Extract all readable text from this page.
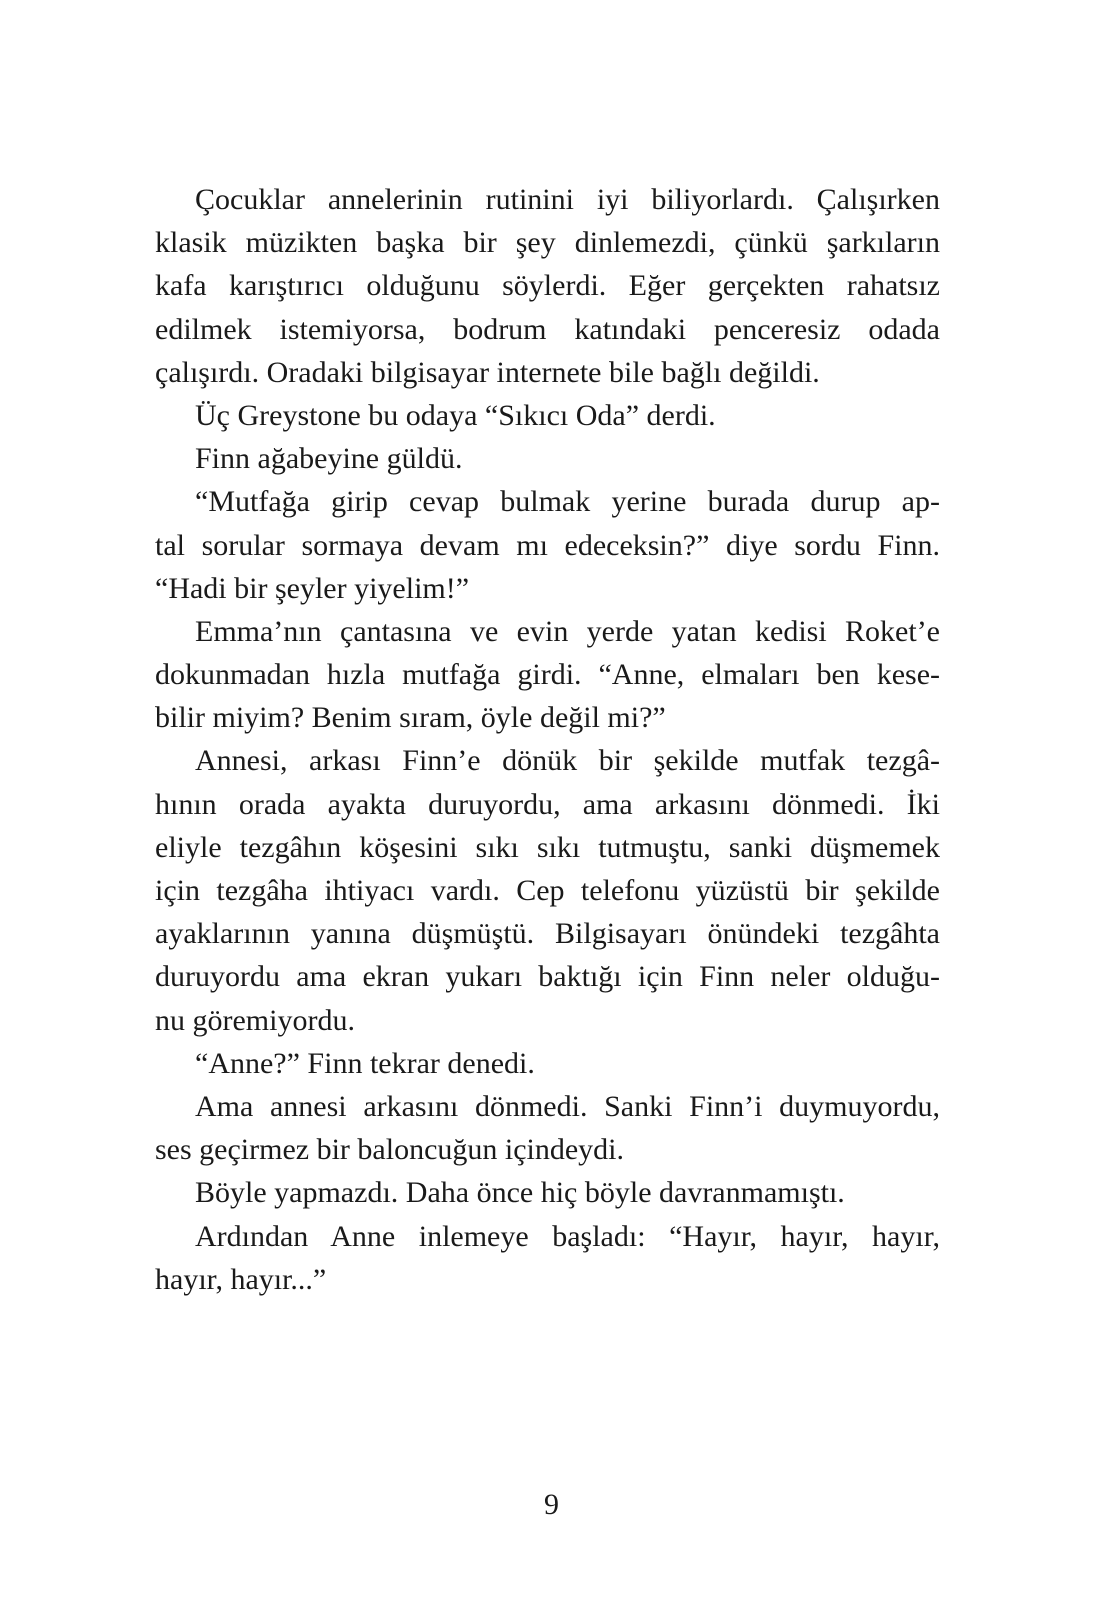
Çocuklar annelerinin rutinini iyi biliyorlardı. Çalışırken
klasik müzikten başka bir şey dinlemezdi, çünkü şarkıların
kafa karıştırıcı olduğunu söylerdi. Eğer gerçekten rahatsız
edilmek istemiyorsa, bodrum katındaki penceresiz odada
çalışırdı. Oradaki bilgisayar internete bile bağlı değildi.
Üç Greystone bu odaya “Sıkıcı Oda” derdi.
Finn ağabeyine güldü.
“Mutfağa girip cevap bulmak yerine burada durup ap-
tal sorular sormaya devam mı edeceksin?” diye sordu Finn.
“Hadi bir şeyler yiyelim!”
Emma’nın çantasına ve evin yerde yatan kedisi Roket’e
dokunmadan hızla mutfağa girdi. “Anne, elmaları ben kese-
bilir miyim? Benim sıram, öyle değil mi?”
Annesi, arkası Finn’e dönük bir şekilde mutfak tezgâ-
hının orada ayakta duruyordu, ama arkasını dönmedi. İki
eliyle tezgâhın köşesini sıkı sıkı tutmuştu, sanki düşmemek
için tezgâha ihtiyacı vardı. Cep telefonu yüzüstü bir şekilde
ayaklarının yanına düşmüştü. Bilgisayarı önündeki tezgâhta
duruyordu ama ekran yukarı baktığı için Finn neler olduğu-
nu göremiyordu.
“Anne?” Finn tekrar denedi.
Ama annesi arkasını dönmedi. Sanki Finn’i duymuyordu,
ses geçirmez bir baloncuğun içindeydi.
Böyle yapmazdı. Daha önce hiç böyle davranmamıştı.
Ardından Anne inlemeye başladı: “Hayır, hayır, hayır,
hayır, hayır...”
9
